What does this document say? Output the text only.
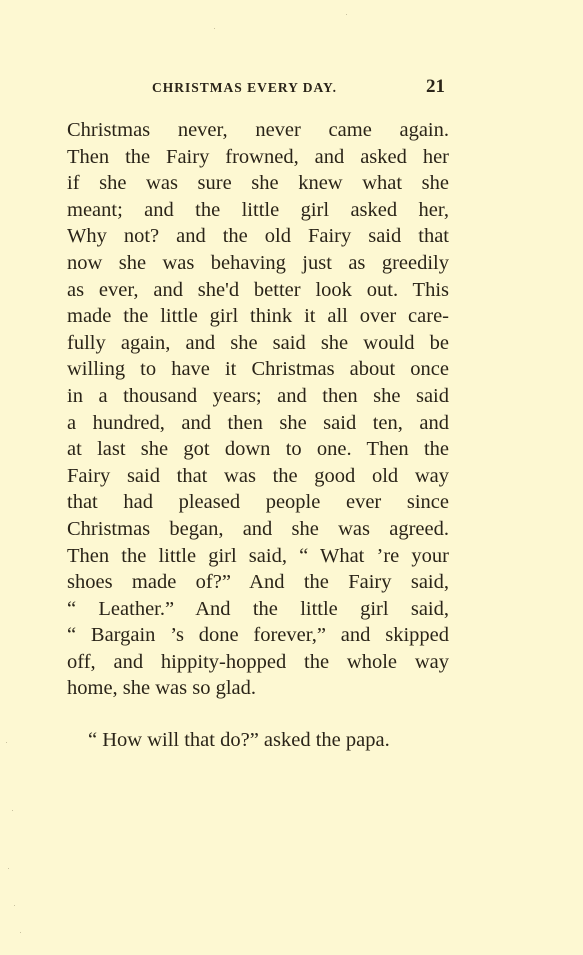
CHRISTMAS EVERY DAY.	21
Christmas never, never came again.
Then the Fairy frowned, and asked her
if she was sure she knew what she
meant; and the little girl asked her,
Why not? and the old Fairy said that
now she was behaving just as greedily
as ever, and she'd better look out. This
made the little girl think it all over care-
fully again, and she said she would be
willing to have it Christmas about once
in a thousand years; and then she said
a hundred, and then she said ten, and
at last she got down to one. Then the
Fairy said that was the good old way
that had pleased people ever since
Christmas began, and she was agreed.
Then the little girl said, “ What ’re your
shoes made of?” And the Fairy said,
“ Leather.” And the little girl said,
“ Bargain ’s done forever,” and skipped
off, and hippity-hopped the whole way
home, she was so glad.
“ How will that do?” asked the papa.
